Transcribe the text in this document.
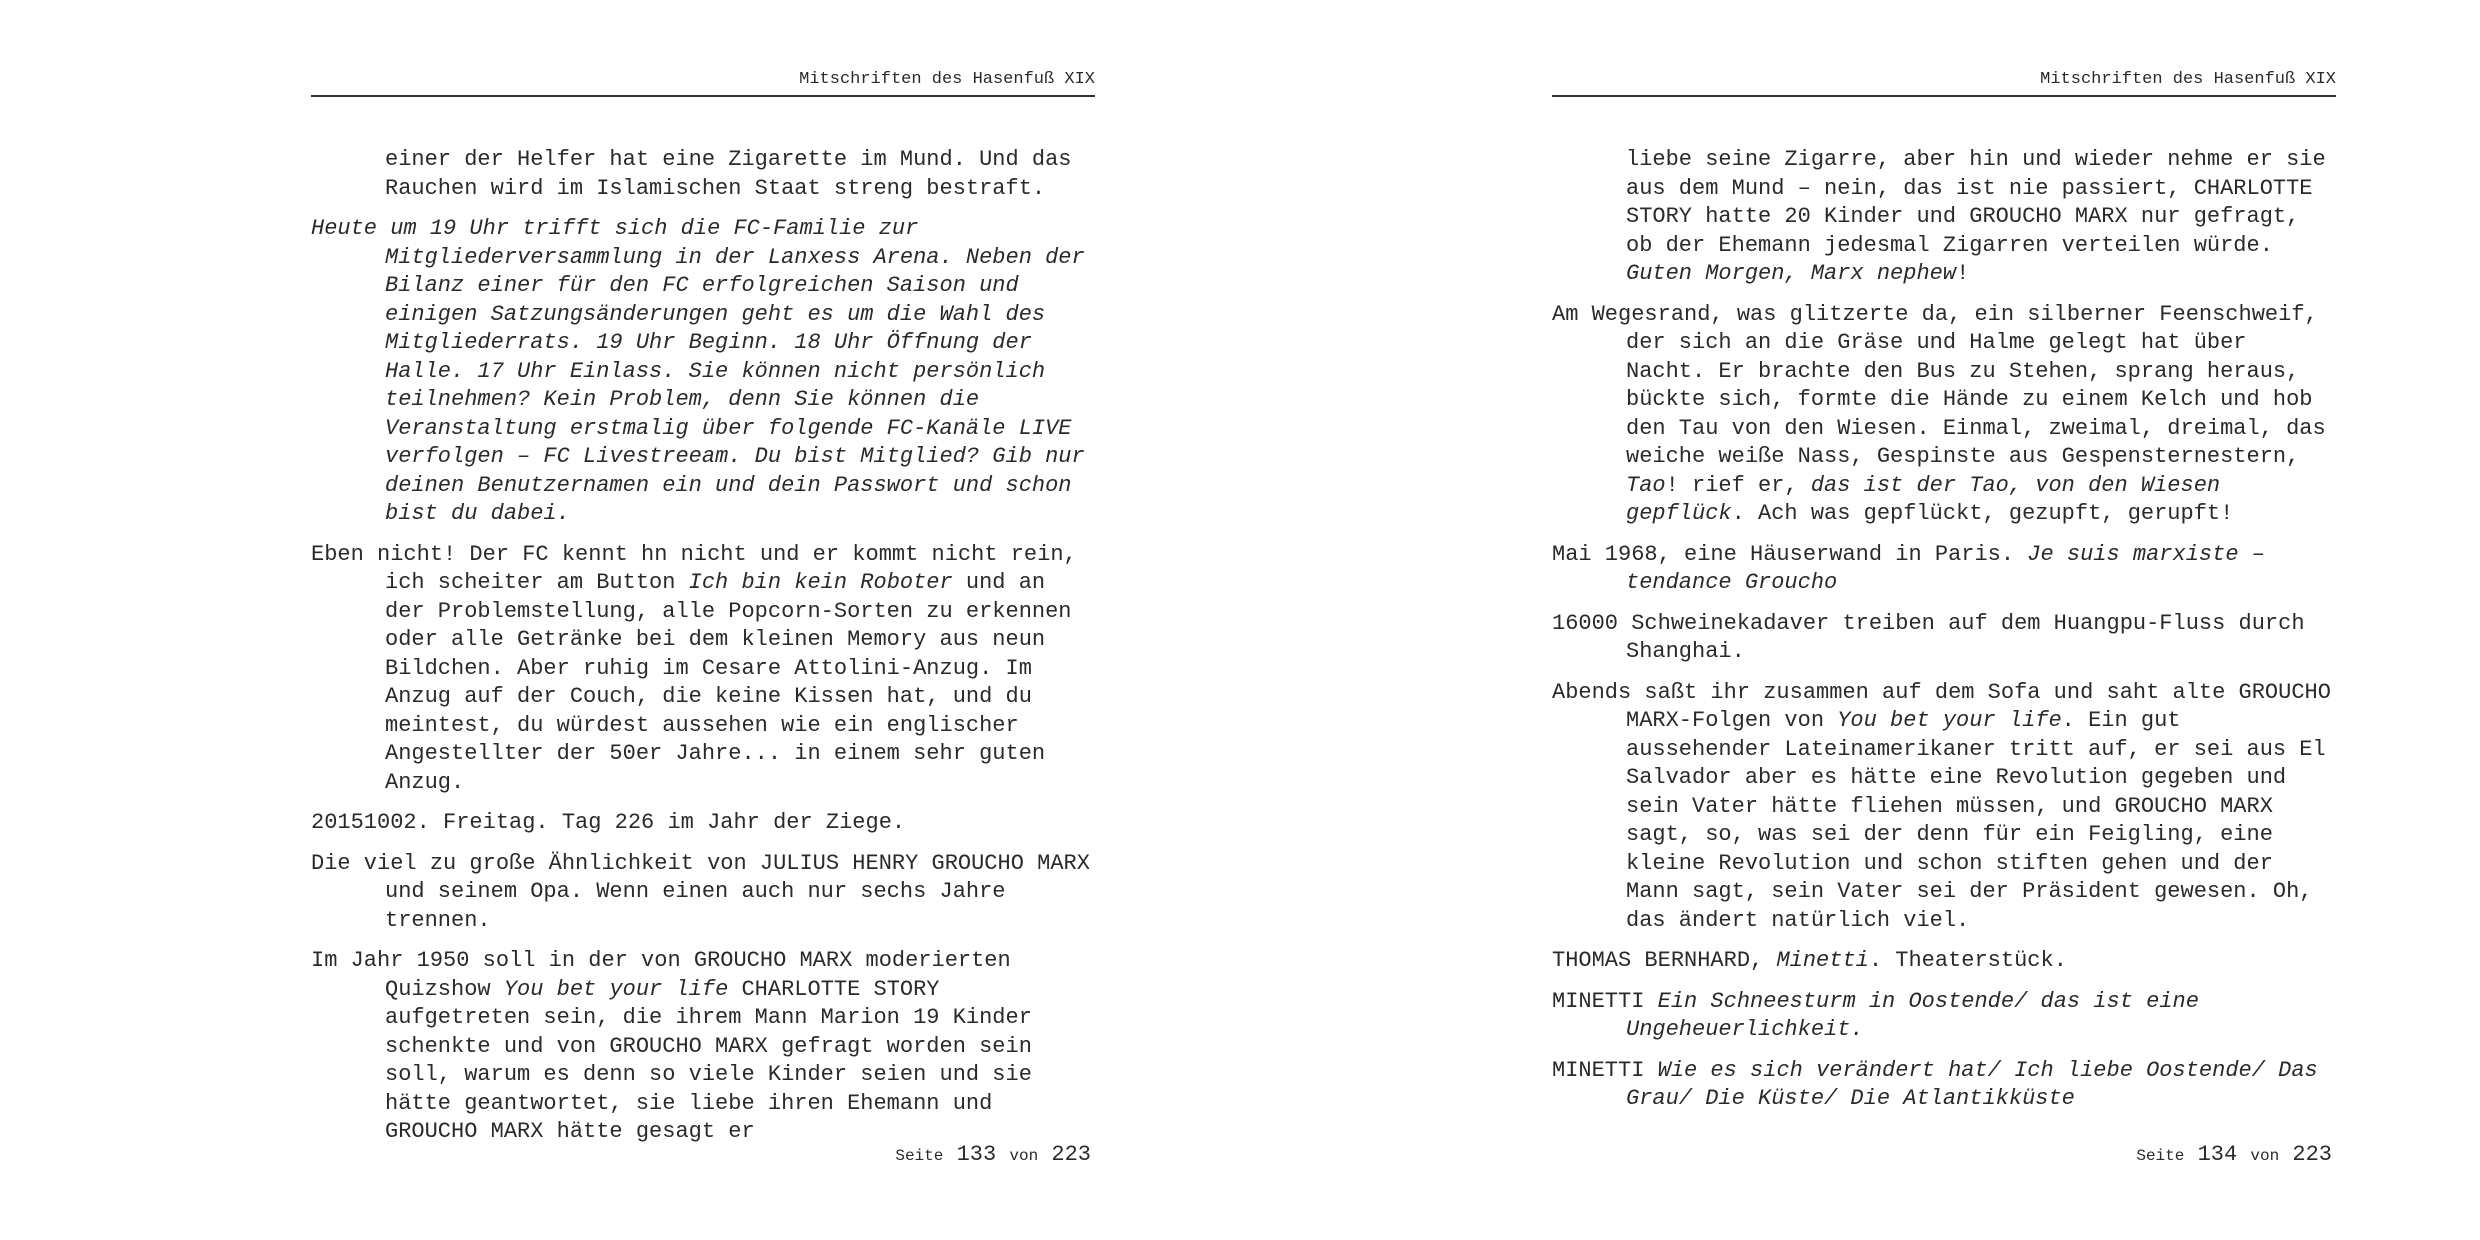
Mitschriften des Hasenfuß XIX

einer der Helfer hat eine Zigarette im Mund. Und das Rauchen wird im Islamischen Staat streng bestraft.

Heute um 19 Uhr trifft sich die FC-Familie zur Mitgliederversammlung in der Lanxess Arena. Neben der Bilanz einer für den FC erfolgreichen Saison und einigen Satzungsänderungen geht es um die Wahl des Mitgliederrats. 19 Uhr Beginn. 18 Uhr Öffnung der Halle. 17 Uhr Einlass. Sie können nicht persönlich teilnehmen? Kein Problem, denn Sie können die Veranstaltung erstmalig über folgende FC-Kanäle LIVE verfolgen – FC Livestreeam. Du bist Mitglied? Gib nur deinen Benutzernamen ein und dein Passwort und schon bist du dabei.

Eben nicht! Der FC kennt hn nicht und er kommt nicht rein, ich scheiter am Button Ich bin kein Roboter und an der Problemstellung, alle Popcorn-Sorten zu erkennen oder alle Getränke bei dem kleinen Memory aus neun Bildchen. Aber ruhig im Cesare Attolini-Anzug. Im Anzug auf der Couch, die keine Kissen hat, und du meintest, du würdest aussehen wie ein englischer Angestellter der 50er Jahre... in einem sehr guten Anzug.

20151002. Freitag. Tag 226 im Jahr der Ziege.

Die viel zu große Ähnlichkeit von JULIUS HENRY GROUCHO MARX und seinem Opa. Wenn einen auch nur sechs Jahre trennen.

Im Jahr 1950 soll in der von GROUCHO MARX moderierten Quizshow You bet your life CHARLOTTE STORY aufgetreten sein, die ihrem Mann Marion 19 Kinder schenkte und von GROUCHO MARX gefragt worden sein soll, warum es denn so viele Kinder seien und sie hätte geantwortet, sie liebe ihren Ehemann und GROUCHO MARX hätte gesagt er

Seite 133 von 223
Mitschriften des Hasenfuß XIX

liebe seine Zigarre, aber hin und wieder nehme er sie aus dem Mund – nein, das ist nie passiert, CHARLOTTE STORY hatte 20 Kinder und GROUCHO MARX nur gefragt, ob der Ehemann jedesmal Zigarren verteilen würde. Guten Morgen, Marx nephew!

Am Wegesrand, was glitzerte da, ein silberner Feenschweif, der sich an die Gräse und Halme gelegt hat über Nacht. Er brachte den Bus zu Stehen, sprang heraus, bückte sich, formte die Hände zu einem Kelch und hob den Tau von den Wiesen. Einmal, zweimal, dreimal, das weiche weiße Nass, Gespinste aus Gespensternestern, Tao! rief er, das ist der Tao, von den Wiesen gepflück. Ach was gepflückt, gezupft, gerupft!

Mai 1968, eine Häuserwand in Paris. Je suis marxiste – tendance Groucho

16000 Schweinekadaver treiben auf dem Huangpu-Fluss durch Shanghai.

Abends saßt ihr zusammen auf dem Sofa und saht alte GROUCHO MARX-Folgen von You bet your life. Ein gut aussehender Lateinamerikaner tritt auf, er sei aus El Salvador aber es hätte eine Revolution gegeben und sein Vater hätte fliehen müssen, und GROUCHO MARX sagt, so, was sei der denn für ein Feigling, eine kleine Revolution und schon stiften gehen und der Mann sagt, sein Vater sei der Präsident gewesen. Oh, das ändert natürlich viel.

THOMAS BERNHARD, Minetti. Theaterstück.

MINETTI Ein Schneesturm in Oostende/ das ist eine Ungeheuerlichkeit.

MINETTI Wie es sich verändert hat/ Ich liebe Oostende/ Das Grau/ Die Küste/ Die Atlantikküste

Seite 134 von 223
